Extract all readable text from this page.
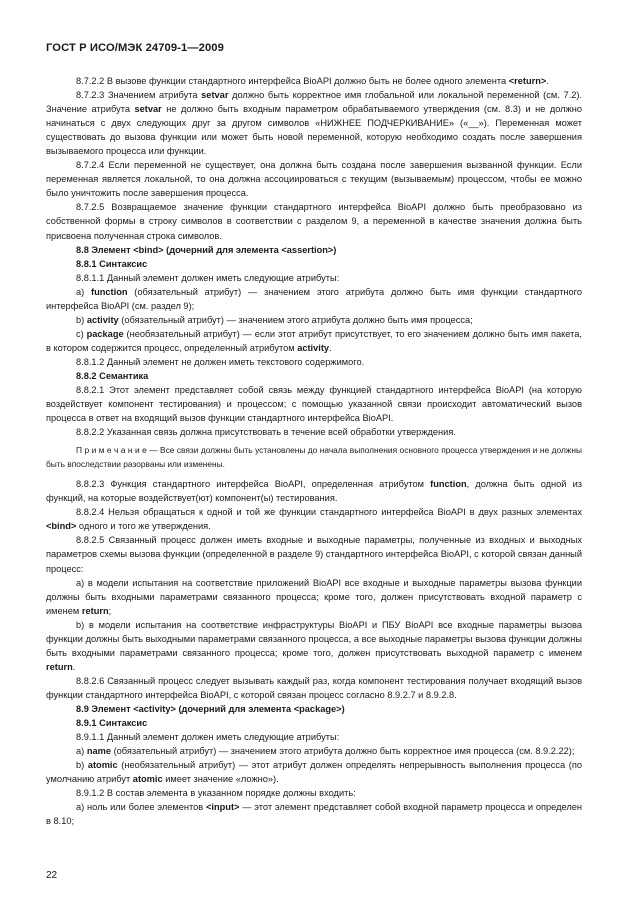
ГОСТ Р ИСО/МЭК 24709-1—2009

8.7.2.2 В вызове функции стандартного интерфейса BioAPI должно быть не более одного элемента <return>.

8.7.2.3 Значением атрибута setvar должно быть корректное имя глобальной или локальной переменной (см. 7.2). Значение атрибута setvar не должно быть входным параметром обрабатываемого утверждения (см. 8.3) и не должно начинаться с двух следующих друг за другом символов «НИЖНЕЕ ПОДЧЕРКИВАНИЕ» («__»). Переменная может существовать до вызова функции или может быть новой переменной, которую необходимо создать после завершения вызываемого процесса или функции.

8.7.2.4 Если переменной не существует, она должна быть создана после завершения вызванной функции. Если переменная является локальной, то она должна ассоциироваться с текущим (вызываемым) процессом, чтобы ее можно было уничтожить после завершения процесса.

8.7.2.5 Возвращаемое значение функции стандартного интерфейса BioAPI должно быть преобразовано из собственной формы в строку символов в соответствии с разделом 9, а переменной в качестве значения должна быть присвоена полученная строка символов.

8.8 Элемент <bind> (дочерний для элемента <assertion>)

8.8.1 Синтаксис

8.8.1.1 Данный элемент должен иметь следующие атрибуты:

а) function (обязательный атрибут) — значением этого атрибута должно быть имя функции стандартного интерфейса BioAPI (см. раздел 9);

b) activity (обязательный атрибут) — значением этого атрибута должно быть имя процесса;

c) package (необязательный атрибут) — если этот атрибут присутствует, то его значением должно быть имя пакета, в котором содержится процесс, определенный атрибутом activity.

8.8.1.2 Данный элемент не должен иметь текстового содержимого.

8.8.2 Семантика

8.8.2.1 Этот элемент представляет собой связь между функцией стандартного интерфейса BioAPI (на которую воздействует компонент тестирования) и процессом; с помощью указанной связи происходит автоматический вызов процесса в ответ на входящий вызов функции стандартного интерфейса BioAPI.

8.8.2.2 Указанная связь должна присутствовать в течение всей обработки утверждения.

П р и м е ч а н и е — Все связи должны быть установлены до начала выполнения основного процесса утверждения и не должны быть впоследствии разорваны или изменены.

8.8.2.3 Функция стандартного интерфейса BioAPI, определенная атрибутом function, должна быть одной из функций, на которые воздействует(ют) компонент(ы) тестирования.

8.8.2.4 Нельзя обращаться к одной и той же функции стандартного интерфейса BioAPI в двух разных элементах <bind> одного и того же утверждения.

8.8.2.5 Связанный процесс должен иметь входные и выходные параметры, полученные из входных и выходных параметров схемы вызова функции (определенной в разделе 9) стандартного интерфейса BioAPI, с которой связан данный процесс:

а) в модели испытания на соответствие приложений BioAPI все входные и выходные параметры вызова функции должны быть входными параметрами связанного процесса; кроме того, должен присутствовать входной параметр с именем return;

b) в модели испытания на соответствие инфраструктуры BioAPI и ПБУ BioAPI все входные параметры вызова функции должны быть выходными параметрами связанного процесса, а все выходные параметры вызова функции должны быть входными параметрами связанного процесса; кроме того, должен присутствовать выходной параметр с именем return.

8.8.2.6 Связанный процесс следует вызывать каждый раз, когда компонент тестирования получает входящий вызов функции стандартного интерфейса BioAPI, с которой связан процесс согласно 8.9.2.7 и 8.9.2.8.

8.9 Элемент <activity> (дочерний для элемента <package>)

8.9.1 Синтаксис

8.9.1.1 Данный элемент должен иметь следующие атрибуты:

а) name (обязательный атрибут) — значением этого атрибута должно быть корректное имя процесса (см. 8.9.2.22);

b) atomic (необязательный атрибут) — этот атрибут должен определять непрерывность выполнения процесса (по умолчанию атрибут atomic имеет значение «ложно»).

8.9.1.2 В состав элемента в указанном порядке должны входить:

а) ноль или более элементов <input> — этот элемент представляет собой входной параметр процесса и определен в 8.10;

22
